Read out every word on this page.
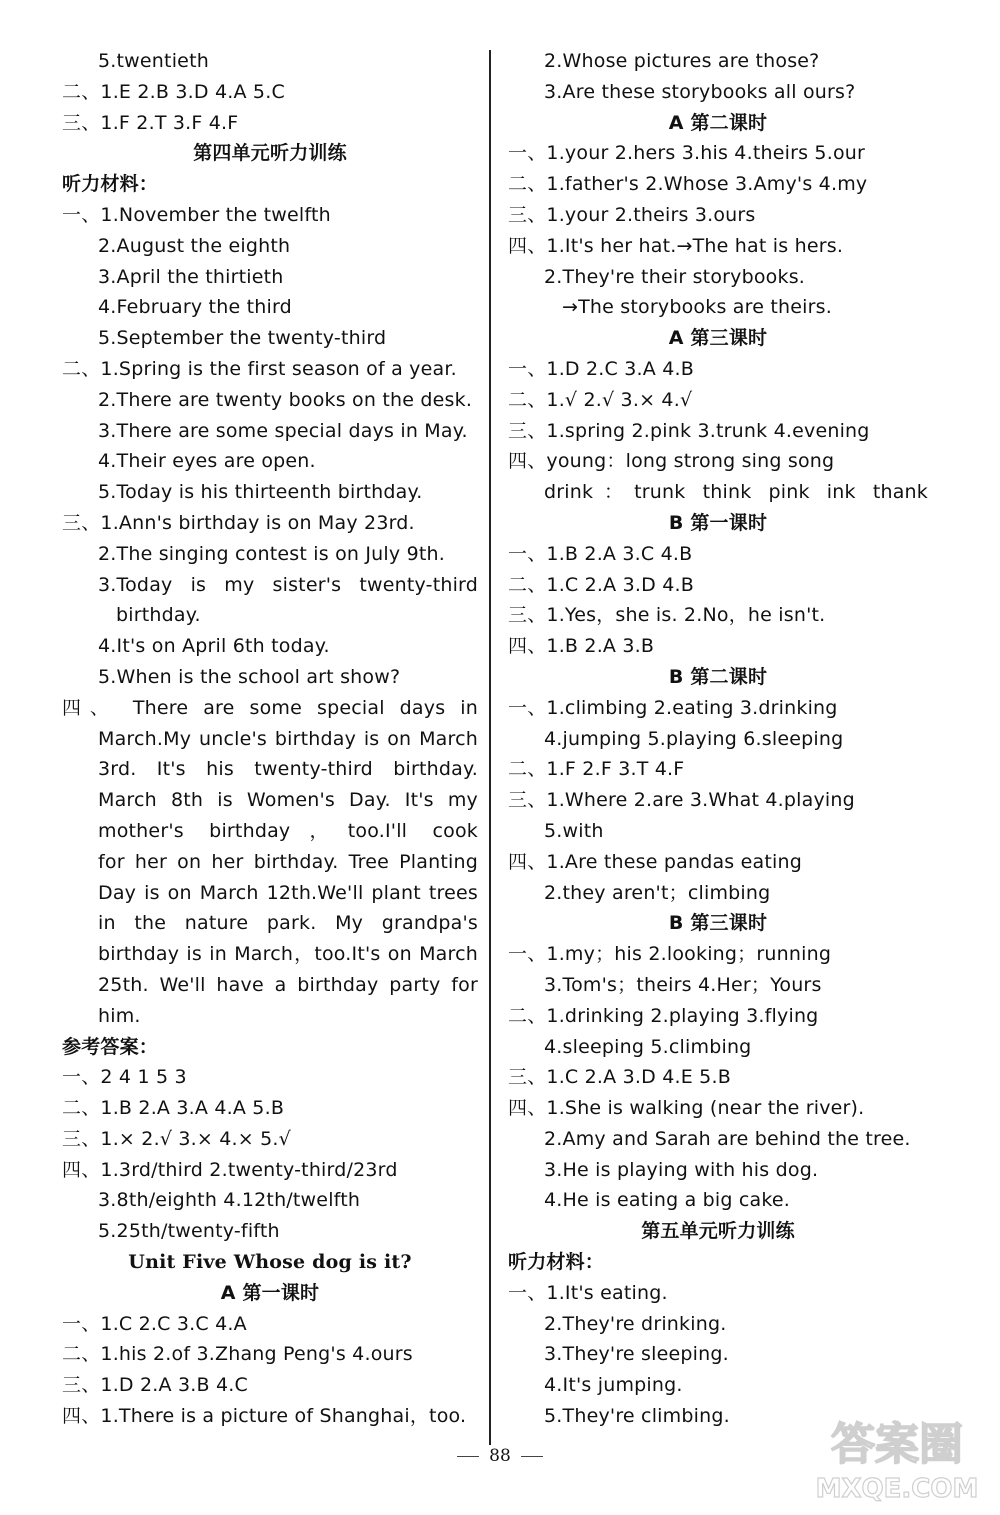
5.twentieth
二、1.E 2.B 3.D 4.A 5.C
三、1.F 2.T 3.F 4.F
第四单元听力训练
听力材料：
一、1.November the twelfth
2.August the eighth
3.April the thirtieth
4.February the third
5.September the twenty-third
二、1.Spring is the first season of a year.
2.There are twenty books on the desk.
3.There are some special days in May.
4.Their eyes are open.
5.Today is his thirteenth birthday.
三、1.Ann's birthday is on May 23rd.
2.The singing contest is on July 9th.
3.Today is my sister's twenty-third
birthday.
4.It's on April 6th today.
5.When is the school art show?
四、 There are some special days in
March.My uncle's birthday is on March
3rd. It's his twenty-third birthday.
March 8th is Women's Day. It's my
mother's birthday，too.I'll cook
for her on her birthday. Tree Planting
Day is on March 12th.We'll plant trees
in the nature park. My grandpa's
birthday is in March，too.It's on March
25th. We'll have a birthday party for
him.
参考答案：
一、2 4 1 5 3
二、1.B 2.A 3.A 4.A 5.B
三、1.× 2.√ 3.× 4.× 5.√
四、1.3rd/third 2.twenty-third/23rd
3.8th/eighth 4.12th/twelfth
5.25th/twenty-fifth
Unit Five Whose dog is it?
A 第一课时
一、1.C 2.C 3.C 4.A
二、1.his 2.of 3.Zhang Peng's 4.ours
三、1.D 2.A 3.B 4.C
四、1.There is a picture of Shanghai，too.
2.Whose pictures are those?
3.Are these storybooks all ours?
A 第二课时
一、1.your 2.hers 3.his 4.theirs 5.our
二、1.father's 2.Whose 3.Amy's 4.my
三、1.your 2.theirs 3.ours
四、1.It's her hat.→The hat is hers.
2.They're their storybooks.
→The storybooks are theirs.
A 第三课时
一、1.D 2.C 3.A 4.B
二、1.√ 2.√ 3.× 4.√
三、1.spring 2.pink 3.trunk 4.evening
四、young：long strong sing song
drink：trunk think pink ink thank
B 第一课时
一、1.B 2.A 3.C 4.B
二、1.C 2.A 3.D 4.B
三、1.Yes，she is. 2.No，he isn't.
四、1.B 2.A 3.B
B 第二课时
一、1.climbing 2.eating 3.drinking
4.jumping 5.playing 6.sleeping
二、1.F 2.F 3.T 4.F
三、1.Where 2.are 3.What 4.playing
5.with
四、1.Are these pandas eating
2.they aren't；climbing
B 第三课时
一、1.my；his 2.looking；running
3.Tom's；theirs 4.Her；Yours
二、1.drinking 2.playing 3.flying
4.sleeping 5.climbing
三、1.C 2.A 3.D 4.E 5.B
四、1.She is walking (near the river).
2.Amy and Sarah are behind the tree.
3.He is playing with his dog.
4.He is eating a big cake.
第五单元听力训练
听力材料：
一、1.It's eating.
2.They're drinking.
3.They're sleeping.
4.It's jumping.
5.They're climbing.
88	答案圈
MXQE.COM
